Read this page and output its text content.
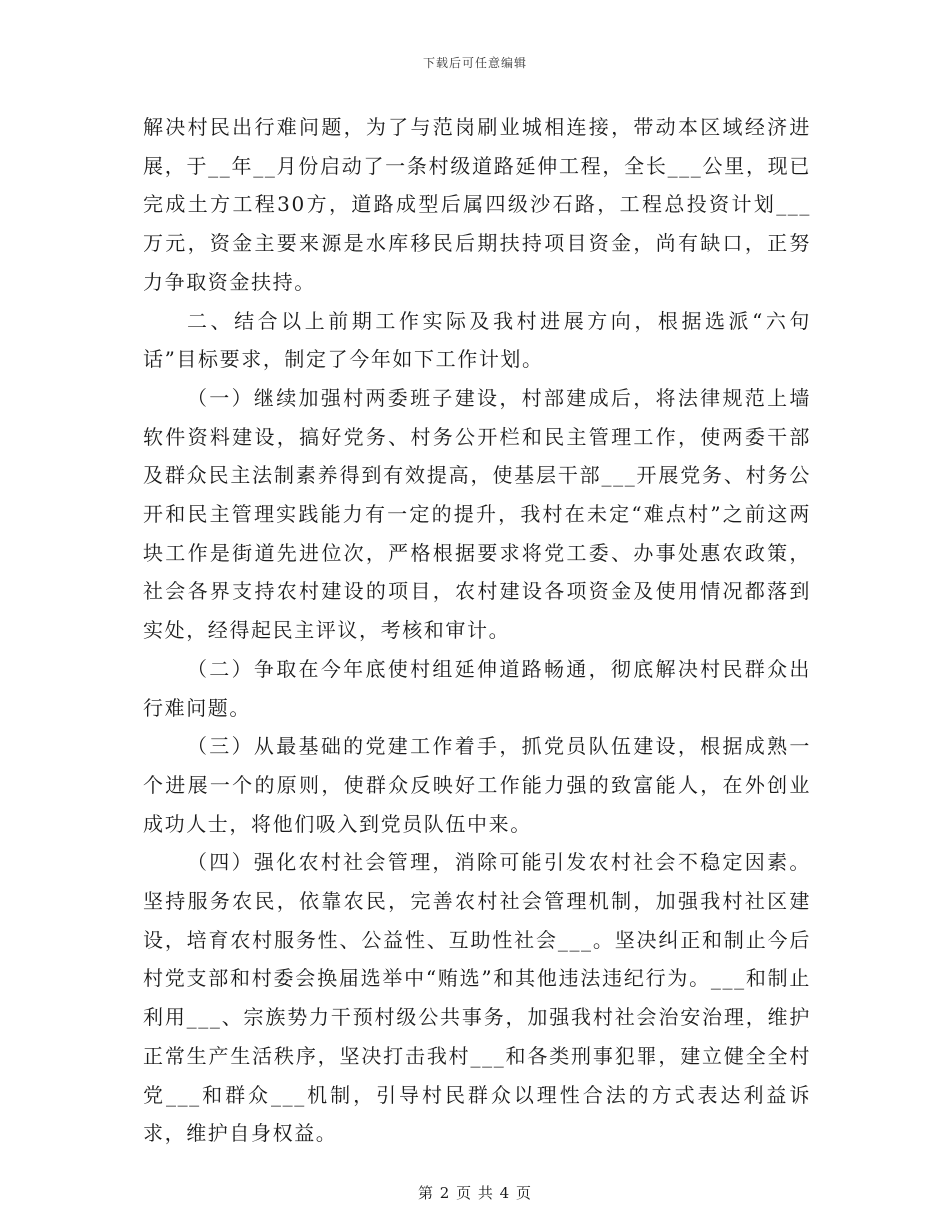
下载后可任意编辑

解决村民出行难问题，为了与范岗刷业城相连接，带动本区域经济进展，于__年__月份启动了一条村级道路延伸工程，全长___公里，现已完成土方工程30方，道路成型后属四级沙石路，工程总投资计划___万元，资金主要来源是水库移民后期扶持项目资金，尚有缺口，正努力争取资金扶持。

二、结合以上前期工作实际及我村进展方向，根据选派“六句话”目标要求，制定了今年如下工作计划。

（一）继续加强村两委班子建设，村部建成后，将法律规范上墙软件资料建设，搞好党务、村务公开栏和民主管理工作，使两委干部及群众民主法制素养得到有效提高，使基层干部___开展党务、村务公开和民主管理实践能力有一定的提升，我村在未定“难点村”之前这两块工作是街道先进位次，严格根据要求将党工委、办事处惠农政策，社会各界支持农村建设的项目，农村建设各项资金及使用情况都落到实处，经得起民主评议，考核和审计。

（二）争取在今年底使村组延伸道路畅通，彻底解决村民群众出行难问题。

（三）从最基础的党建工作着手，抓党员队伍建设，根据成熟一个进展一个的原则，使群众反映好工作能力强的致富能人，在外创业成功人士，将他们吸入到党员队伍中来。

（四）强化农村社会管理，消除可能引发农村社会不稳定因素。坚持服务农民，依靠农民，完善农村社会管理机制，加强我村社区建设，培育农村服务性、公益性、互助性社会___。坚决纠正和制止今后村党支部和村委会换届选举中“贿选”和其他违法违纪行为。___和制止利用___、宗族势力干预村级公共事务，加强我村社会治安治理，维护正常生产生活秩序，坚决打击我村___和各类刑事犯罪，建立健全全村党___和群众___机制，引导村民群众以理性合法的方式表达利益诉求，维护自身权益。

第 2 页 共 4 页
